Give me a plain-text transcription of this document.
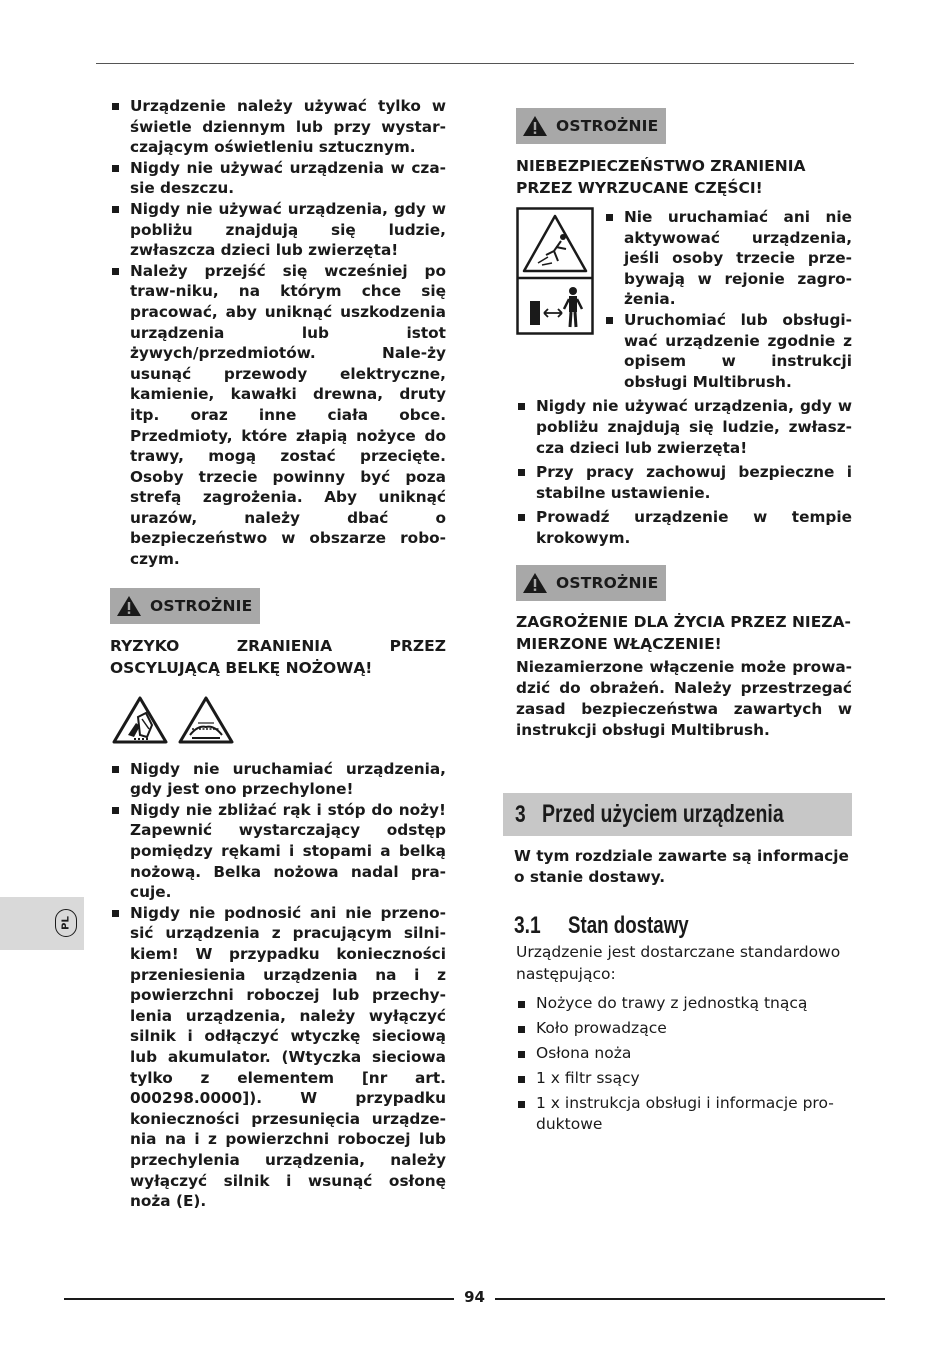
Urządzenie należy używać tylko w świetle dziennym lub przy wystar-czającym oświetleniu sztucznym.
Nigdy nie używać urządzenia w cza-sie deszczu.
Nigdy nie używać urządzenia, gdy w pobliżu znajdują się ludzie, zwłaszcza dzieci lub zwierzęta!
Należy przejść się wcześniej po traw-niku, na którym chce się pracować, aby uniknąć uszkodzenia urządzenia lub istot żywych/przedmiotów. Nale-ży usunąć przewody elektryczne, kamienie, kawałki drewna, druty itp. oraz inne ciała obce. Przedmioty, które złapią nożyce do trawy, mogą zostać przecięte. Osoby trzecie powinny być poza strefą zagrożenia. Aby uniknąć urazów, należy dbać o bezpieczeństwo w obszarze robo-czym.
OSTROŻNIE
RYZYKO ZRANIENIA PRZEZ
OSCYLUJĄCĄ BELKĘ NOŻOWĄ!
Nigdy nie uruchamiać urządzenia, gdy jest ono przechylone!
Nigdy nie zbliżać rąk i stóp do noży! Zapewnić wystarczający odstęp pomiędzy rękami i stopami a belką nożową. Belka nożowa nadal pra-cuje.
Nigdy nie podnosić ani nie przeno-sić urządzenia z pracującym silni-kiem! W przypadku konieczności przeniesienia urządzenia na i z powierzchni roboczej lub przechy-lenia urządzenia, należy wyłączyć silnik i odłączyć wtyczkę sieciową lub akumulator. (Wtyczka sieciowa tylko z elementem [nr art. 000298.0000]). W przypadku konieczności przesunięcia urządze-nia na i z powierzchni roboczej lub przechylenia urządzenia, należy wyłączyć silnik i wsunąć osłonę noża (E).
OSTROŻNIE
NIEBEZPIECZEŃSTWO ZRANIENIA PRZEZ WYRZUCANE CZĘŚCI!
Nie uruchamiać ani nie aktywować urządzenia, jeśli osoby trzecie prze-bywają w rejonie zagro-żenia.
Uruchomiać lub obsługi-wać urządzenie zgodnie z opisem w instrukcji obsługi Multibrush.
Nigdy nie używać urządzenia, gdy w pobliżu znajdują się ludzie, zwłasz-cza dzieci lub zwierzęta!
Przy pracy zachowuj bezpieczne i stabilne ustawienie.
Prowadź urządzenie w tempie krokowym.
OSTROŻNIE
ZAGROŻENIE DLA ŻYCIA PRZEZ NIEZA-MIERZONE WŁĄCZENIE!
Niezamierzone włączenie może prowa-dzić do obrażeń. Należy przestrzegać zasad bezpieczeństwa zawartych w instrukcji obsługi Multibrush.
3 Przed użyciem urządzenia
W tym rozdziale zawarte są informacje o stanie dostawy.
3.1	Stan dostawy
Urządzenie jest dostarczane standardowo następująco:
Nożyce do trawy z jednostką tnącą
Koło prowadzące
Osłona noża
1 x filtr ssący
1 x instrukcja obsługi i informacje pro-duktowe
PL
94
